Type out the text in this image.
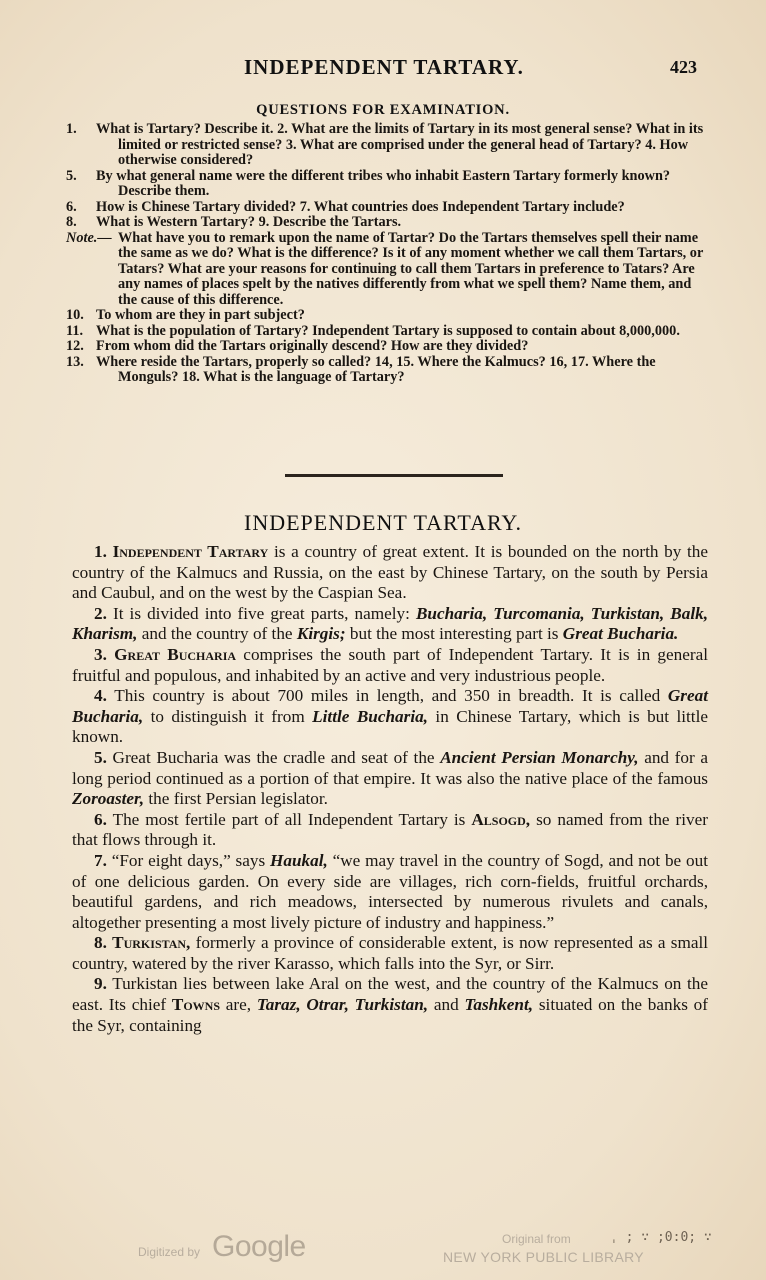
INDEPENDENT TARTARY.	423
QUESTIONS FOR EXAMINATION.

1. What is Tartary? Describe it. 2. What are the limits of Tartary in its most general sense? What in its limited or restricted sense? 3. What are comprised under the general head of Tartary? 4. How otherwise considered?

5. By what general name were the different tribes who inhabit Eastern Tartary formerly known? Describe them.

6. How is Chinese Tartary divided? 7. What countries does Independent Tartary include?

8. What is Western Tartary? 9. Describe the Tartars.

Note.— What have you to remark upon the name of Tartar? Do the Tartars themselves spell their name the same as we do? What is the difference? Is it of any moment whether we call them Tartars, or Tatars? What are your reasons for continuing to call them Tartars in preference to Tatars? Are any names of places spelt by the natives differently from what we spell them? Name them, and the cause of this difference.

10. To whom are they in part subject?

11. What is the population of Tartary? Independent Tartary is supposed to contain about 8,000,000.

12. From whom did the Tartars originally descend? How are they divided?

13. Where reside the Tartars, properly so called? 14, 15. Where the Kalmucs? 16, 17. Where the Monguls? 18. What is the language of Tartary?

INDEPENDENT TARTARY.

1. Independent Tartary is a country of great extent. It is bounded on the north by the country of the Kalmucs and Russia, on the east by Chinese Tartary, on the south by Persia and Caubul, and on the west by the Caspian Sea.

2. It is divided into five great parts, namely: Bucharia, Turcomania, Turkistan, Balk, Kharism, and the country of the Kirgis; but the most interesting part is Great Bucharia.

3. Great Bucharia comprises the south part of Independent Tartary. It is in general fruitful and populous, and inhabited by an active and very industrious people.

4. This country is about 700 miles in length, and 350 in breadth. It is called Great Bucharia, to distinguish it from Little Bucharia, in Chinese Tartary, which is but little known.

5. Great Bucharia was the cradle and seat of the Ancient Persian Monarchy, and for a long period continued as a portion of that empire. It was also the native place of the famous Zoroaster, the first Persian legislator.

6. The most fertile part of all Independent Tartary is Alsogd, so named from the river that flows through it.

7. “For eight days,” says Haukal, “we may travel in the country of Sogd, and not be out of one delicious garden. On every side are villages, rich corn-fields, fruitful orchards, beautiful gardens, and rich meadows, intersected by numerous rivulets and canals, altogether presenting a most lively picture of industry and happiness.”

8. Turkistan, formerly a province of considerable extent, is now represented as a small country, watered by the river Karasso, which falls into the Syr, or Sirr.

9. Turkistan lies between lake Aral on the west, and the country of the Kalmucs on the east. Its chief Towns are, Taraz, Otrar, Turkistan, and Tashkent, situated on the banks of the Syr, containing

Digitized by Google	Original from
NEW YORK PUBLIC LIBRARY
ˌ ; ∵ ;0:0; ∵
